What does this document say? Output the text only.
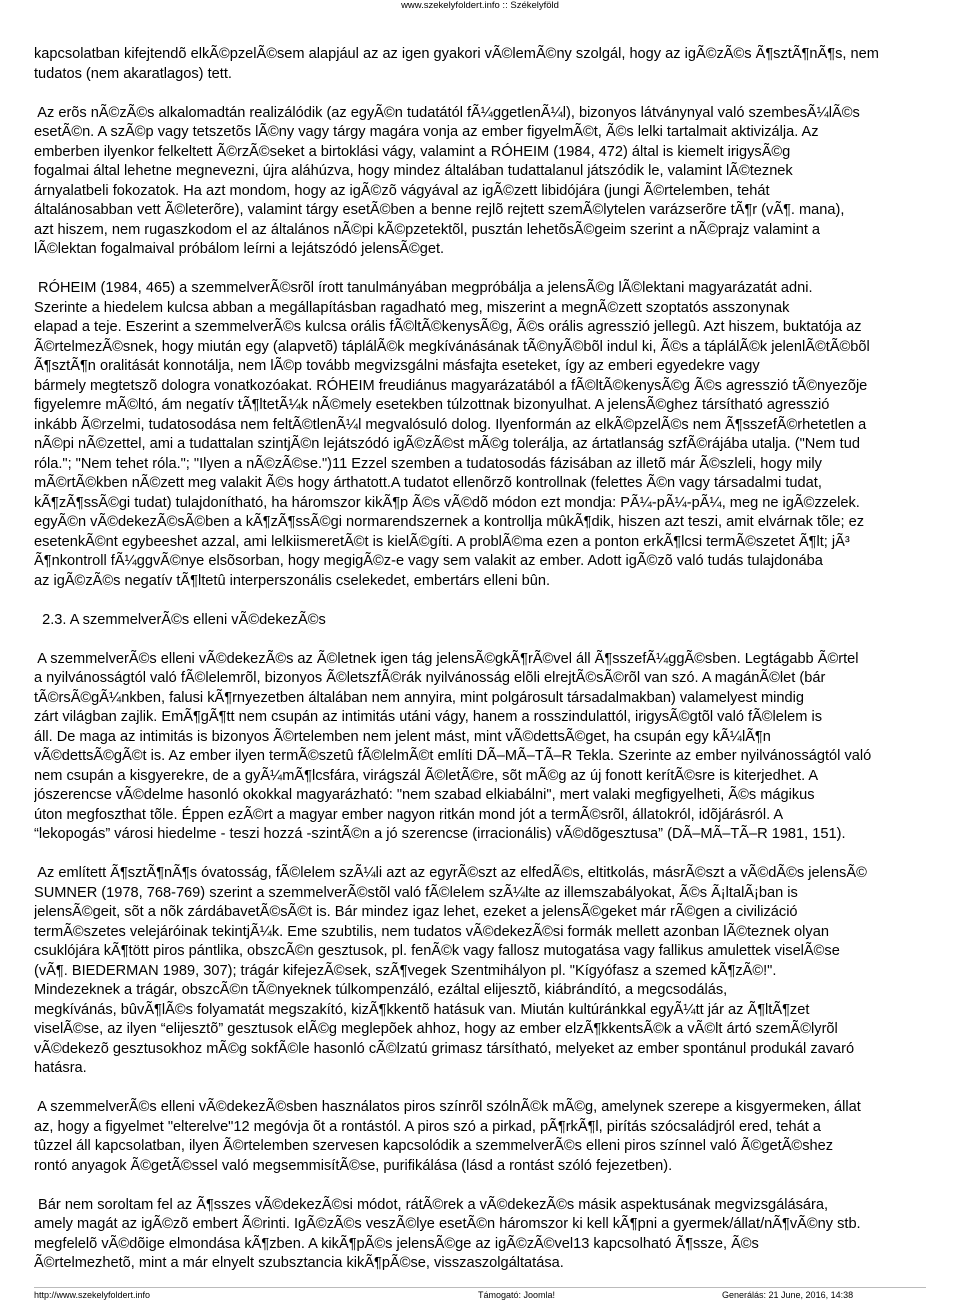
www.szekelyfoldert.info :: Székelyföld
kapcsolatban kifejtendõ elkÃ©pzelÃ©sem alapjául az az igen gyakori vÃ©lemÃ©ny szolgál, hogy az igÃ©zÃ©s Ã¶sztÃ¶nÃ¶s, nem
tudatos (nem akaratlagos) tett.
Az erõs nÃ©zÃ©s alkalomadtán realizálódik (az egyÃ©n tudatától fÃ¼ggetlenÃ¼l), bizonyos látványnyal való szembesÃ¼lÃ©s
esetÃ©n. A szÃ©p vagy tetszetõs lÃ©ny vagy tárgy magára vonja az ember figyelmÃ©t, Ã©s lelki tartalmait aktivizálja. Az
emberben ilyenkor felkeltett Ã©rzÃ©seket a birtoklási vágy, valamint a RÓHEIM (1984, 472) által is kiemelt irigysÃ©g
fogalmai által lehetne megnevezni, újra aláhúzva, hogy mindez általában tudattalanul játszódik le, valamint lÃ©teznek
árnyalatbeli fokozatok. Ha azt mondom, hogy az igÃ©zõ vágyával az igÃ©zett libidójára (jungi Ã©rtelemben, tehát
általánosabban vett Ã©leterõre), valamint tárgy esetÃ©ben a benne rejlõ rejtett szemÃ©lytelen varázserõre tÃ¶r (vÃ¶. mana),
azt hiszem, nem rugaszkodom el az általános nÃ©pi kÃ©pzetektõl, pusztán lehetõsÃ©geim szerint a nÃ©prajz valamint a
lÃ©lektan fogalmaival próbálom leírni a lejátszódó jelensÃ©get.
RÓHEIM (1984, 465) a szemmelverÃ©srõl írott tanulmányában megpróbálja a jelensÃ©g lÃ©lektani magyarázatát adni.
Szerinte a hiedelem kulcsa abban a megállapításban ragadható meg, miszerint a megnÃ©zett szoptatós asszonynak
elapad a teje. Eszerint a szemmelverÃ©s kulcsa orális fÃ©ltÃ©kenysÃ©g, Ã©s orális agresszió jellegû. Azt hiszem, buktatója az
Ã©rtelmezÃ©snek, hogy miután egy (alapvetõ) táplálÃ©k megkívánásának tÃ©nyÃ©bõl indul ki, Ã©s a táplálÃ©k jelenlÃ©tÃ©bõl
Ã¶sztÃ¶n oralitását konnotálja, nem lÃ©p tovább megvizsgálni másfajta eseteket, így az emberi egyedekre vagy
bármely megtetszõ dologra vonatkozóakat. RÓHEIM freudiánus magyarázatából a fÃ©ltÃ©kenysÃ©g Ã©s agresszió tÃ©nyezõje
figyelemre mÃ©ltó, ám negatív tÃ¶ltetÃ¼k nÃ©mely esetekben túlzottnak bizonyulhat. A jelensÃ©ghez társítható agresszió
inkább Ã©rzelmi, tudatosodása nem feltÃ©tlenÃ¼l megvalósuló dolog. Ilyenformán az elkÃ©pzelÃ©s nem Ã¶sszefÃ©rhetetlen a
nÃ©pi nÃ©zettel, ami a tudattalan szintjÃ©n lejátszódó igÃ©zÃ©st mÃ©g tolerálja, az ártatlanság szfÃ©rájába utalja. ("Nem tud
róla."; "Nem tehet róla."; "Ilyen a nÃ©zÃ©se.")11 Ezzel szemben a tudatosodás fázisában az illetõ már Ã©szleli, hogy mily
mÃ©rtÃ©kben nÃ©zett meg valakit Ã©s hogy árthatott.A tudatot ellenõrzõ kontrollnak (felettes Ã©n vagy társadalmi tudat,
kÃ¶zÃ¶ssÃ©gi tudat) tulajdonítható, ha háromszor kikÃ¶p Ã©s vÃ©dõ módon ezt mondja: PÃ¼-pÃ¼-pÃ¼, meg ne igÃ©zzelek.
egyÃ©n vÃ©dekezÃ©sÃ©ben a kÃ¶zÃ¶ssÃ©gi normarendszernek a kontrollja mûkÃ¶dik, hiszen azt teszi, amit elvárnak tõle; ez
esetenkÃ©nt egybeeshet azzal, ami lelkiismeretÃ©t is kielÃ©gíti. A problÃ©ma ezen a ponton erkÃ¶lcsi termÃ©szetet Ã¶lt; jÃ³
Ã¶nkontroll fÃ¼ggvÃ©nye elsõsorban, hogy megigÃ©z-e vagy sem valakit az ember. Adott igÃ©zõ való tudás tulajdonába
az igÃ©zÃ©s negatív tÃ¶ltetû interperszonális cselekedet, embertárs elleni bûn.
2.3. A szemmelverÃ©s elleni vÃ©dekezÃ©s
A szemmelverÃ©s elleni vÃ©dekezÃ©s az Ã©letnek igen tág jelensÃ©gkÃ¶rÃ©vel áll Ã¶sszefÃ¼ggÃ©sben. Legtágabb Ã©rtel
a nyilvánosságtól való fÃ©lelemrõl, bizonyos Ã©letszfÃ©rák nyilvánosság elõli elrejtÃ©sÃ©rõl van szó. A magánÃ©let (bár
tÃ©rsÃ©gÃ¼nkben, falusi kÃ¶rnyezetben általában nem annyira, mint polgárosult társadalmakban) valamelyest mindig
zárt világban zajlik. EmÃ¶gÃ¶tt nem csupán az intimitás utáni vágy, hanem a rosszindulattól, irigysÃ©gtõl való fÃ©lelem is
áll. De maga az intimitás is bizonyos Ã©rtelemben nem jelent mást, mint vÃ©dettsÃ©get, ha csupán egy kÃ¼lÃ¶n
vÃ©dettsÃ©gÃ©t is. Az ember ilyen termÃ©szetû fÃ©lelmÃ©t említi DÃ–MÃ–TÃ–R Tekla. Szerinte az ember nyilvánosságtól való
nem csupán a kisgyerekre, de a gyÃ¼mÃ¶lcsfára, virágszál Ã©letÃ©re, sõt mÃ©g az új fonott kerítÃ©sre is kiterjedhet. A
jószerencse vÃ©delme hasonló okokkal magyarázható: "nem szabad elkiabálni", mert valaki megfigyelheti, Ã©s mágikus
úton megfoszthat tõle. Éppen ezÃ©rt a magyar ember nagyon ritkán mond jót a termÃ©srõl, állatokról, idõjárásról. A
“lekopogás” városi hiedelme - teszi hozzá -szintÃ©n a jó szerencse (irracionális) vÃ©dõgesztusa” (DÃ–MÃ–TÃ–R 1981, 151).
Az említett Ã¶sztÃ¶nÃ¶s óvatosság, fÃ©lelem szÃ¼li azt az egyrÃ©szt az elfedÃ©s, eltitkolás, másrÃ©szt a vÃ©dÃ©s jelensÃ©
SUMNER (1978, 768-769) szerint a szemmelverÃ©stõl való fÃ©lelem szÃ¼lte az illemszabályokat, Ã©s Ã¡ltalÃ¡ban is
jelensÃ©geit, sõt a nõk zárdábavetÃ©sÃ©t is. Bár mindez igaz lehet, ezeket a jelensÃ©geket már rÃ©gen a civilizáció
termÃ©szetes velejáróinak tekintjÃ¼k. Eme szubtilis, nem tudatos vÃ©dekezÃ©si formák mellett azonban lÃ©teznek olyan
csuklójára kÃ¶tött piros pántlika, obszcÃ©n gesztusok, pl. fenÃ©k vagy fallosz mutogatása vagy fallikus amulettek viselÃ©se
(vÃ¶. BIEDERMAN 1989, 307); trágár kifejezÃ©sek, szÃ¶vegek Szentmihályon pl. "Kígyófasz a szemed kÃ¶zÃ©!".
Mindezeknek a trágár, obszcÃ©n tÃ©nyeknek túlkompenzáló, ezáltal elijesztõ, kiábrándító, a megcsodálás,
megkívánás, bûvÃ¶lÃ©s folyamatát megszakító, kizÃ¶kkentõ hatásuk van. Miután kultúránkkal egyÃ¼tt jár az Ã¶ltÃ¶zet
viselÃ©se, az ilyen “elijesztõ” gesztusok elÃ©g meglepõek ahhoz, hogy az ember elzÃ¶kkentsÃ©k a vÃ©lt ártó szemÃ©lyrõl
vÃ©dekezõ gesztusokhoz mÃ©g sokfÃ©le hasonló cÃ©lzatú grimasz társítható, melyeket az ember spontánul produkál zavaró
hatásra.
A szemmelverÃ©s elleni vÃ©dekezÃ©sben használatos piros színrõl szólnÃ©k mÃ©g, amelynek szerepe a kisgyermeken, állat
az, hogy a figyelmet "elterelve"12 megóvja õt a rontástól. A piros szó a pirkad, pÃ¶rkÃ¶l, pirítás szócsaládjról ered, tehát a
tûzzel áll kapcsolatban, ilyen Ã©rtelemben szervesen kapcsolódik a szemmelverÃ©s elleni piros színnel való Ã©getÃ©shez
rontó anyagok Ã©getÃ©ssel való megsemmisítÃ©se, purifikálása (lásd a rontást szóló fejezetben).
Bár nem soroltam fel az Ã¶sszes vÃ©dekezÃ©si módot, rátÃ©rek a vÃ©dekezÃ©s másik aspektusának megvizsgálására,
amely magát az igÃ©zõ embert Ã©rinti. IgÃ©zÃ©s veszÃ©lye esetÃ©n háromszor ki kell kÃ¶pni a gyermek/állat/nÃ¶vÃ©ny stb.
megfelelõ vÃ©dõige elmondása kÃ¶zben. A kikÃ¶pÃ©s jelensÃ©ge az igÃ©zÃ©vel13 kapcsolható Ã¶ssze, Ã©s
Ã©rtelmezhetõ, mint a már elnyelt szubsztancia kikÃ¶pÃ©se, visszaszolgáltatása.
http://www.szekelyfoldert.info	Támogató: Joomla!	Generálás: 21 June, 2016, 14:38
